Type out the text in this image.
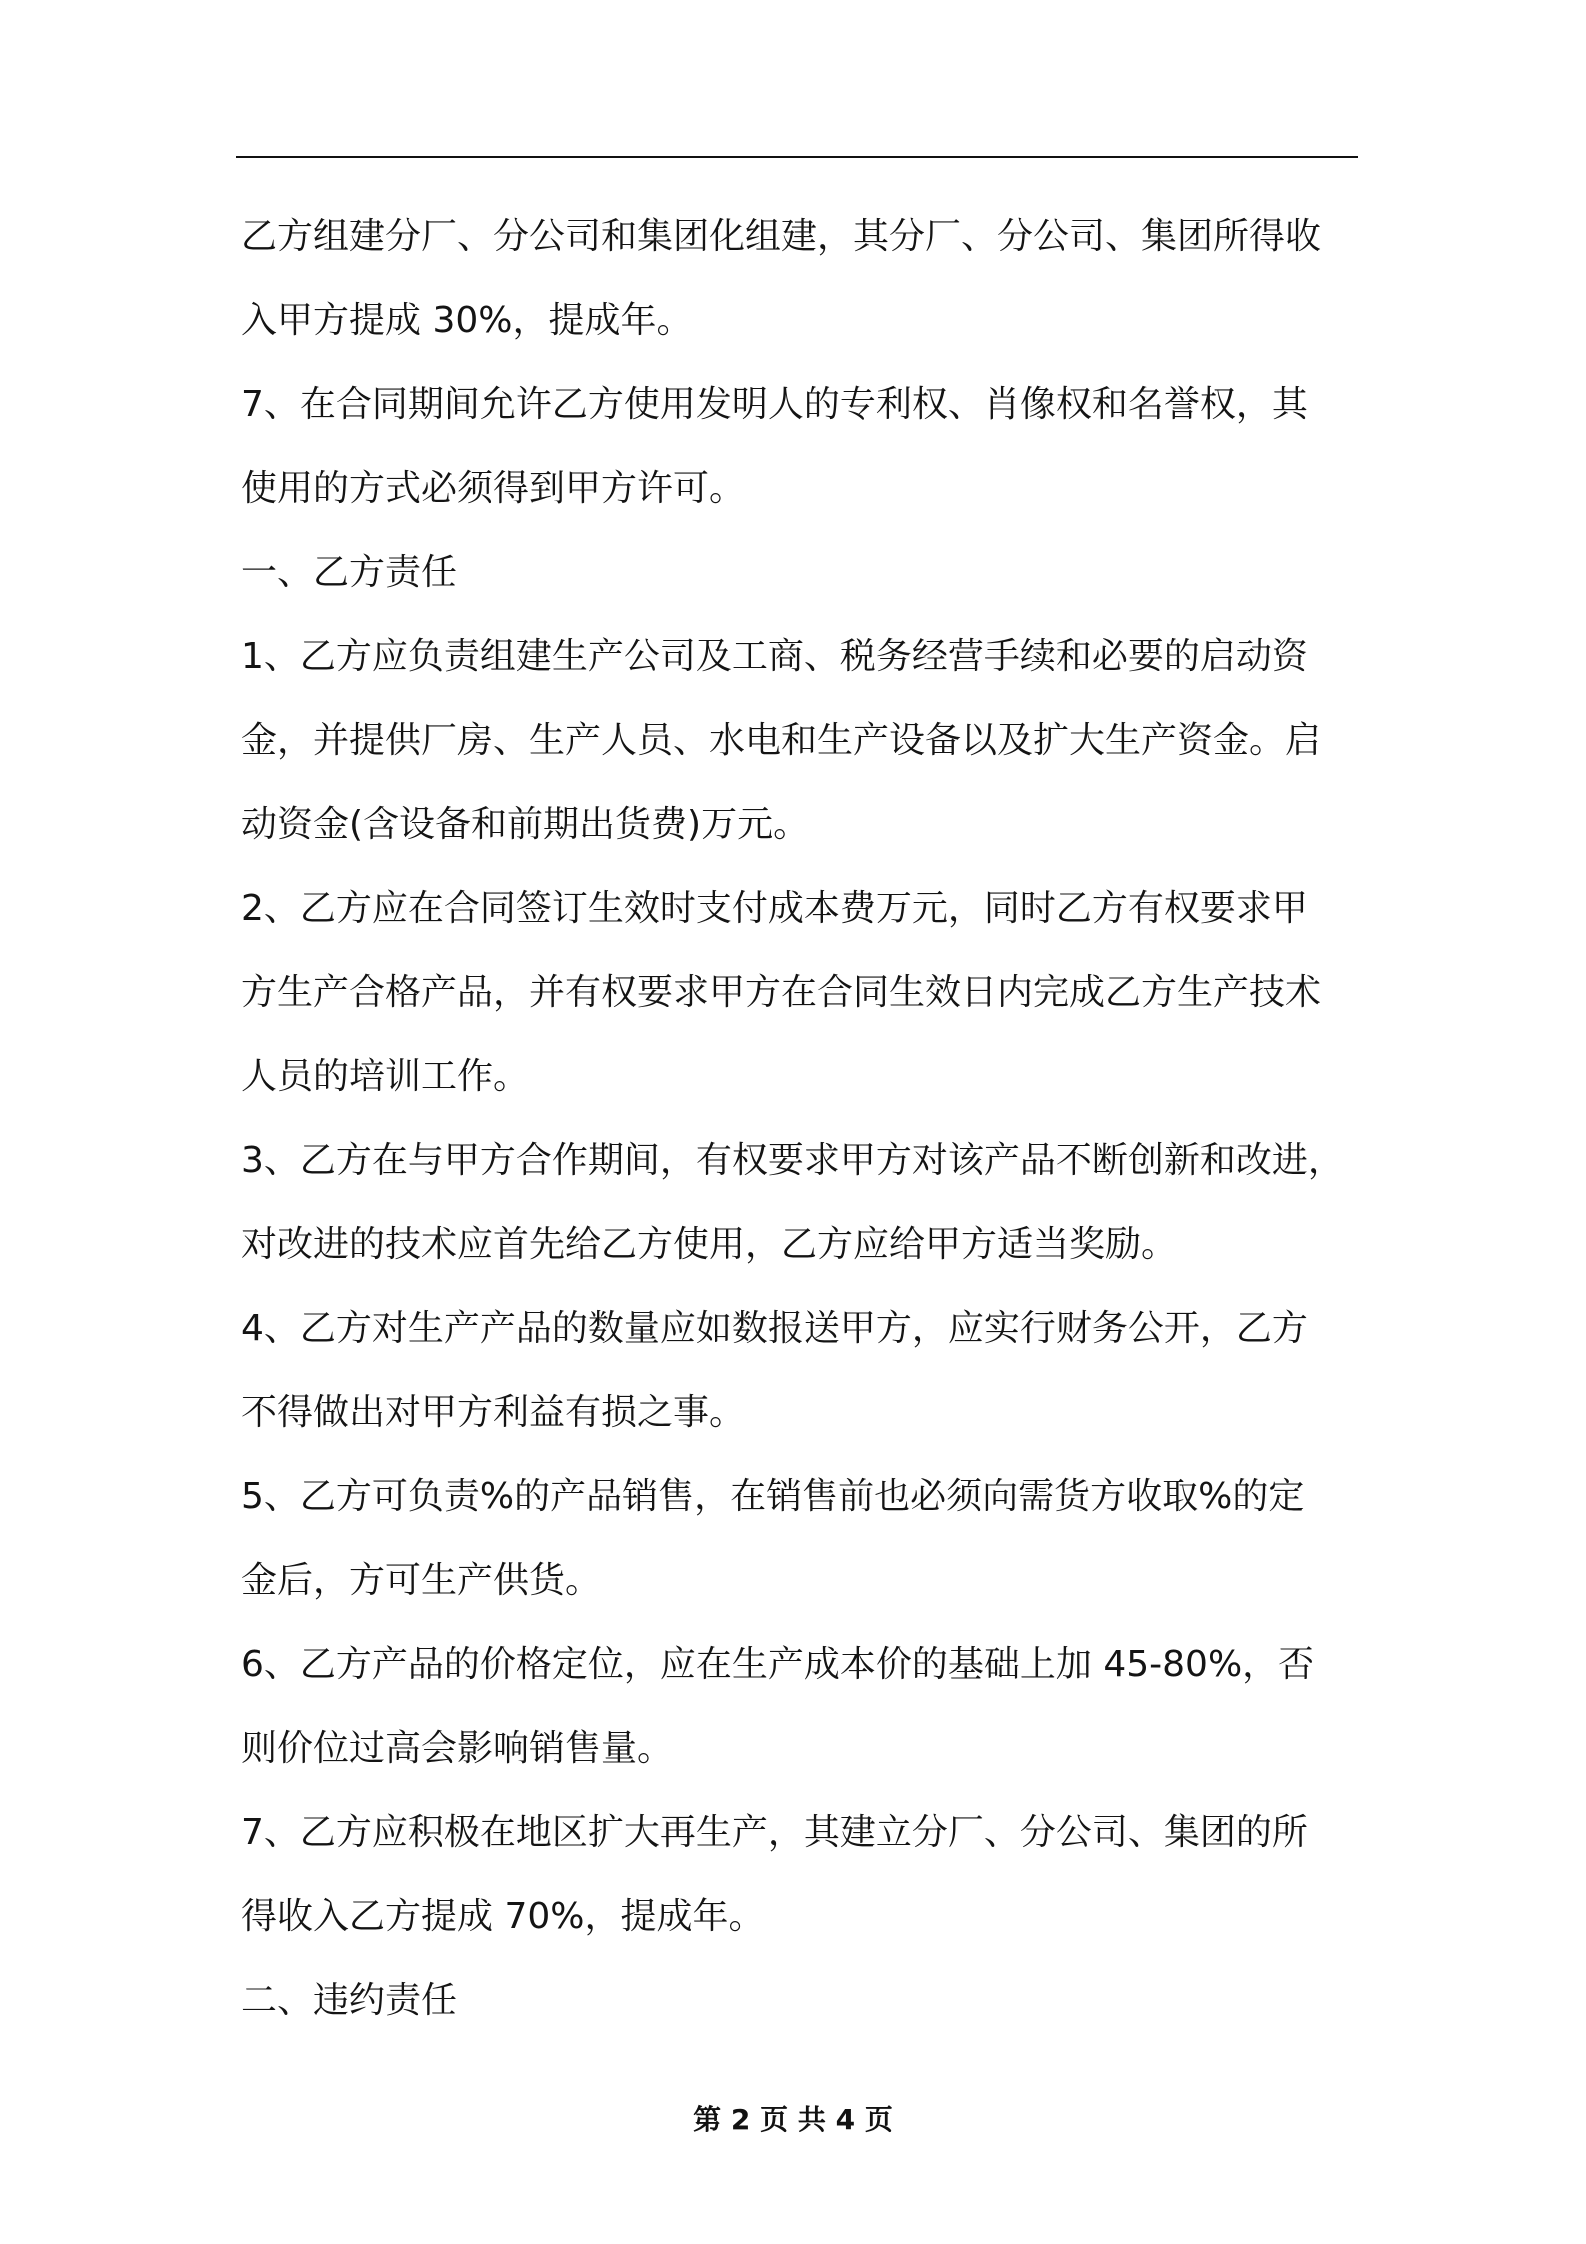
乙方组建分厂、分公司和集团化组建，其分厂、分公司、集团所得收
入甲方提成 30%，提成年。
7、在合同期间允许乙方使用发明人的专利权、肖像权和名誉权，其
使用的方式必须得到甲方许可。
一、乙方责任
1、乙方应负责组建生产公司及工商、税务经营手续和必要的启动资
金，并提供厂房、生产人员、水电和生产设备以及扩大生产资金。启
动资金(含设备和前期出货费)万元。
2、乙方应在合同签订生效时支付成本费万元，同时乙方有权要求甲
方生产合格产品，并有权要求甲方在合同生效日内完成乙方生产技术
人员的培训工作。
3、乙方在与甲方合作期间，有权要求甲方对该产品不断创新和改进，
对改进的技术应首先给乙方使用，乙方应给甲方适当奖励。
4、乙方对生产产品的数量应如数报送甲方，应实行财务公开，乙方
不得做出对甲方利益有损之事。
5、乙方可负责%的产品销售，在销售前也必须向需货方收取%的定
金后，方可生产供货。
6、乙方产品的价格定位，应在生产成本价的基础上加 45-80%，否
则价位过高会影响销售量。
7、乙方应积极在地区扩大再生产，其建立分厂、分公司、集团的所
得收入乙方提成 70%，提成年。
二、违约责任
第 2 页 共 4 页
